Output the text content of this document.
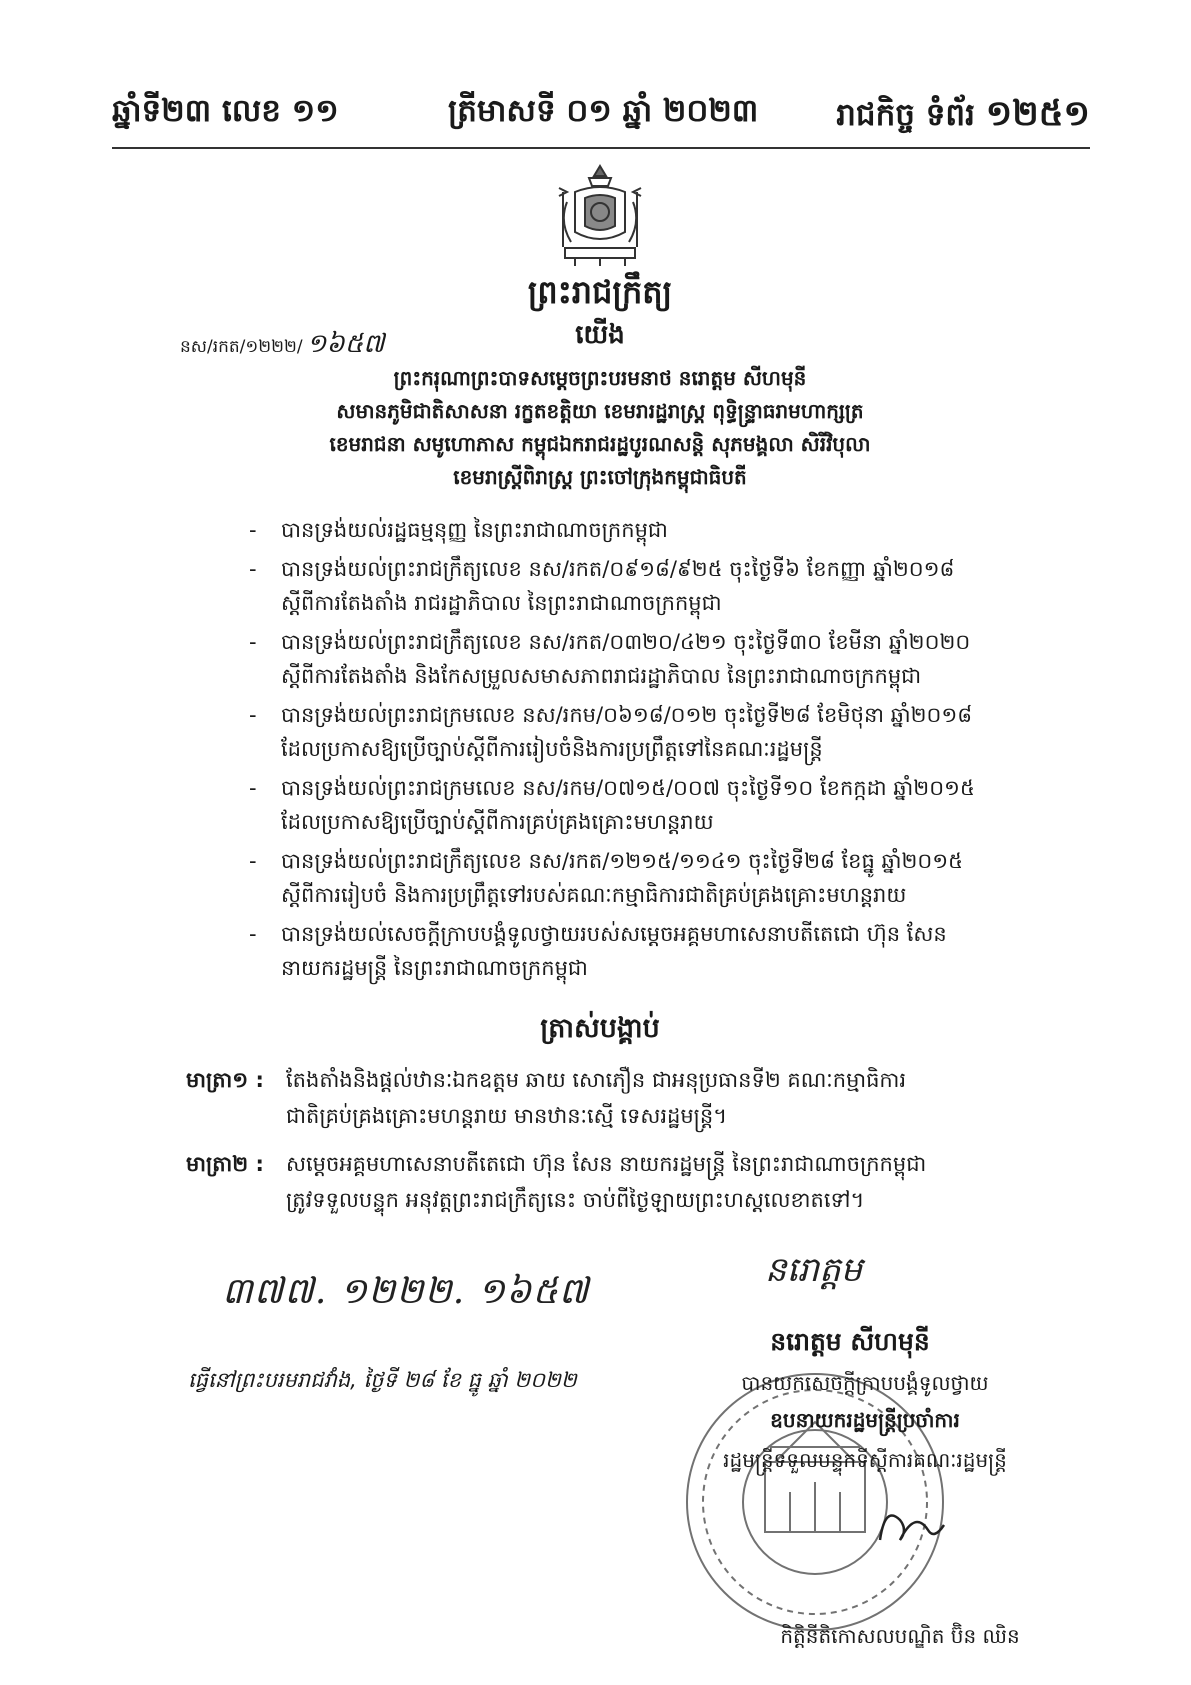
ឆ្នាំទី២៣ លេខ ១១	ត្រីមាសទី ០១ ឆ្នាំ ២០២៣	រាជកិច្ច ទំព័រ ១២៥១
ព្រះរាជក្រឹត្យ
នស/រកត/១២២២/ ១៦៥៧	យើង
ព្រះករុណាព្រះបាទសម្តេចព្រះបរមនាថ នរោត្តម សីហមុនី
សមានភូមិជាតិសាសនា រក្ខតខត្តិយា ខេមរារដ្ឋរាស្ត្រ ពុទ្ធិន្ទ្រាធរាមហាក្សត្រ
ខេមរាជនា សមូហោភាស កម្ពុជឯករាជរដ្ឋបូរណសន្តិ សុភមង្គលា សិរីវិបុលា
ខេមរាស្ត្រីពិរាស្ត្រ ព្រះចៅក្រុងកម្ពុជាធិបតី
- បានទ្រង់យល់រដ្ឋធម្មនុញ្ញ នៃព្រះរាជាណាចក្រកម្ពុជា
- បានទ្រង់យល់ព្រះរាជក្រឹត្យលេខ នស/រកត/០៩១៨/៩២៥ ចុះថ្ងៃទី៦ ខែកញ្ញា ឆ្នាំ២០១៨
ស្តីពីការតែងតាំង រាជរដ្ឋាភិបាល នៃព្រះរាជាណាចក្រកម្ពុជា
- បានទ្រង់យល់ព្រះរាជក្រឹត្យលេខ នស/រកត/០៣២០/៤២១ ចុះថ្ងៃទី៣០ ខែមីនា ឆ្នាំ២០២០
ស្តីពីការតែងតាំង និងកែសម្រួលសមាសភាពរាជរដ្ឋាភិបាល នៃព្រះរាជាណាចក្រកម្ពុជា
- បានទ្រង់យល់ព្រះរាជក្រមលេខ នស/រកម/០៦១៨/០១២ ចុះថ្ងៃទី២៨ ខែមិថុនា ឆ្នាំ២០១៨
ដែលប្រកាសឱ្យប្រើច្បាប់ស្តីពីការរៀបចំនិងការប្រព្រឹត្តទៅនៃគណៈរដ្ឋមន្ត្រី
- បានទ្រង់យល់ព្រះរាជក្រមលេខ នស/រកម/០៧១៥/០០៧ ចុះថ្ងៃទី១០ ខែកក្កដា ឆ្នាំ២០១៥
ដែលប្រកាសឱ្យប្រើច្បាប់ស្តីពីការគ្រប់គ្រងគ្រោះមហន្តរាយ
- បានទ្រង់យល់ព្រះរាជក្រឹត្យលេខ នស/រកត/១២១៥/១១៤១ ចុះថ្ងៃទី២៨ ខែធ្នូ ឆ្នាំ២០១៥
ស្តីពីការរៀបចំ និងការប្រព្រឹត្តទៅរបស់គណៈកម្មាធិការជាតិគ្រប់គ្រងគ្រោះមហន្តរាយ
- បានទ្រង់យល់សេចក្តីក្រាបបង្គំទូលថ្វាយរបស់សម្តេចអគ្គមហាសេនាបតីតេជោ ហ៊ុន សែន
នាយករដ្ឋមន្ត្រី នៃព្រះរាជាណាចក្រកម្ពុជា
ត្រាស់បង្គាប់
មាត្រា១ : តែងតាំងនិងផ្តល់ឋានៈឯកឧត្តម ឆាយ សោភឿន ជាអនុប្រធានទី២ គណៈកម្មាធិការ
ជាតិគ្រប់គ្រងគ្រោះមហន្តរាយ មានឋានៈស្មើ ទេសរដ្ឋមន្ត្រី។
មាត្រា២ : សម្តេចអគ្គមហាសេនាបតីតេជោ ហ៊ុន សែន នាយករដ្ឋមន្ត្រី នៃព្រះរាជាណាចក្រកម្ពុជា
ត្រូវទទួលបន្ទុក អនុវត្តព្រះរាជក្រឹត្យនេះ ចាប់ពីថ្ងៃឡាយព្រះហស្តលេខាតទៅ។
៣៧៧. ១២២២. ១៦៥៧
នរោត្តម
នរោត្តម សីហមុនី
ធ្វើនៅព្រះបរមរាជវាំង, ថ្ងៃទី ២៨ ខែ ធ្នូ ឆ្នាំ ២០២២	បានយកសេចក្តីក្រាបបង្គំទូលថ្វាយ
ឧបនាយករដ្ឋមន្ត្រីប្រចាំការ
រដ្ឋមន្ត្រីទទួលបន្ទុកទីស្តីការគណៈរដ្ឋមន្ត្រី
កិត្តិនីតិកោសលបណ្ឌិត ប៊ិន ឈិន
